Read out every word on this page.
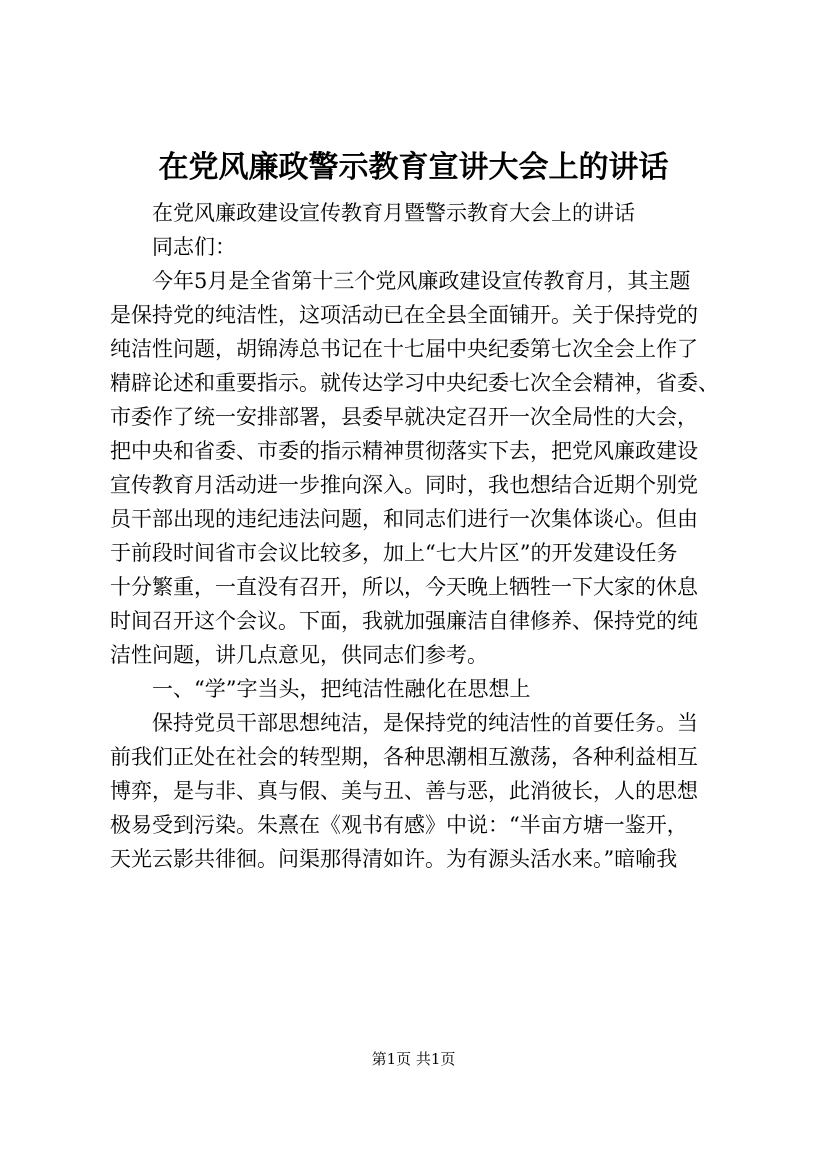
在党风廉政警示教育宣讲大会上的讲话
在党风廉政建设宣传教育月暨警示教育大会上的讲话
同志们：
今年5月是全省第十三个党风廉政建设宣传教育月，其主题
是保持党的纯洁性，这项活动已在全县全面铺开。关于保持党的
纯洁性问题，胡锦涛总书记在十七届中央纪委第七次全会上作了
精辟论述和重要指示。就传达学习中央纪委七次全会精神，省委、
市委作了统一安排部署，县委早就决定召开一次全局性的大会，
把中央和省委、市委的指示精神贯彻落实下去，把党风廉政建设
宣传教育月活动进一步推向深入。同时，我也想结合近期个别党
员干部出现的违纪违法问题，和同志们进行一次集体谈心。但由
于前段时间省市会议比较多，加上“七大片区”的开发建设任务
十分繁重，一直没有召开，所以，今天晚上牺牲一下大家的休息
时间召开这个会议。下面，我就加强廉洁自律修养、保持党的纯
洁性问题，讲几点意见，供同志们参考。
一、“学”字当头，把纯洁性融化在思想上
保持党员干部思想纯洁，是保持党的纯洁性的首要任务。当
前我们正处在社会的转型期，各种思潮相互激荡，各种利益相互
博弈，是与非、真与假、美与丑、善与恶，此消彼长，人的思想
极易受到污染。朱熹在《观书有感》中说：“半亩方塘一鉴开，
天光云影共徘徊。问渠那得清如许。为有源头活水来。”暗喻我
第1页 共1页
